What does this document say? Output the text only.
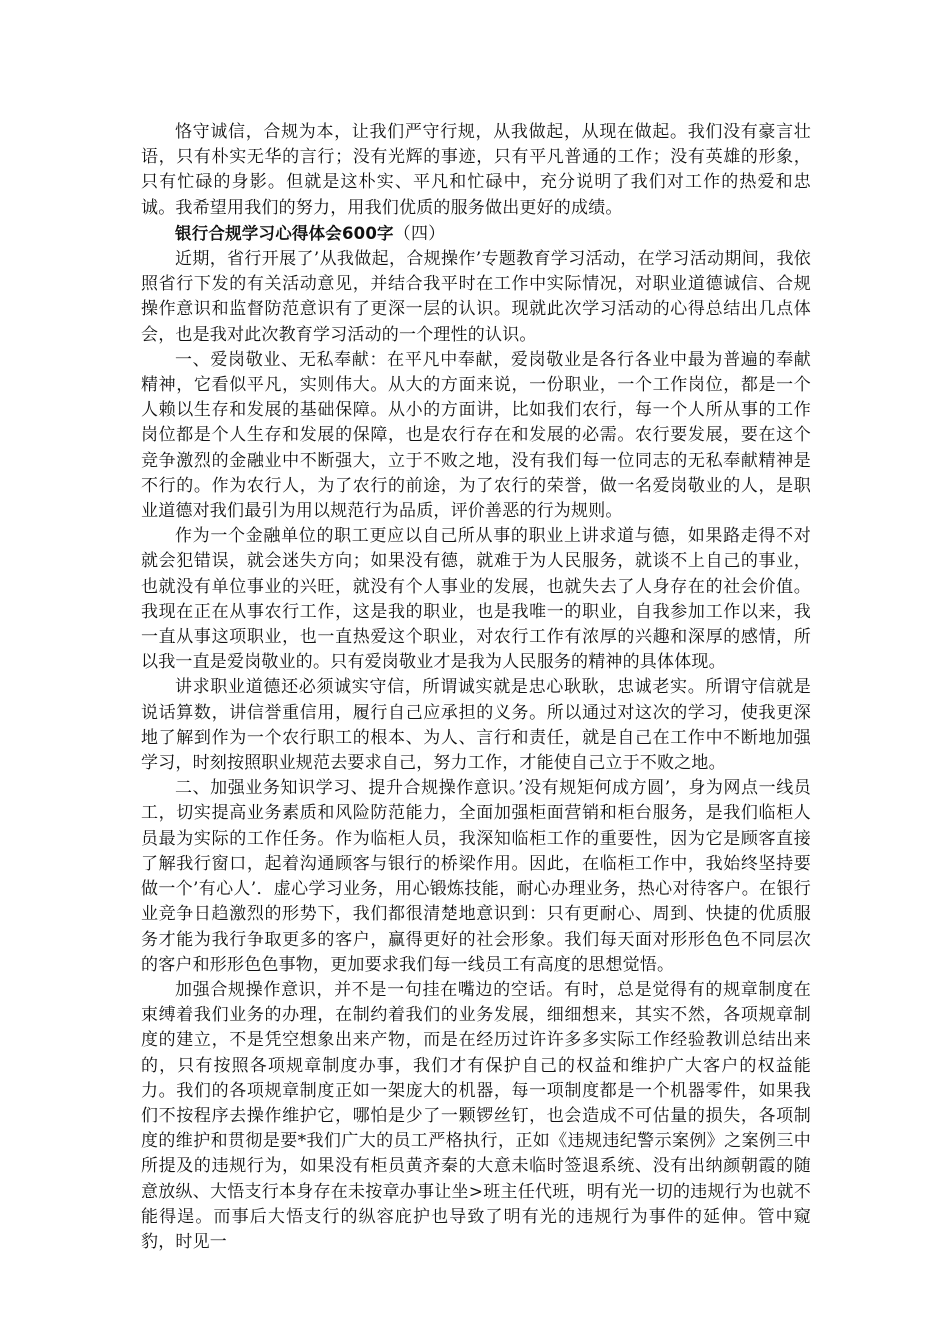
恪守诚信，合规为本，让我们严守行规，从我做起，从现在做起。我们没有豪言壮语，只有朴实无华的言行；没有光辉的事迹，只有平凡普通的工作；没有英雄的形象，只有忙碌的身影。但就是这朴实、平凡和忙碌中，充分说明了我们对工作的热爱和忠诚。我希望用我们的努力，用我们优质的服务做出更好的成绩。

银行合规学习心得体会600字（四）

近期，省行开展了’从我做起，合规操作’专题教育学习活动，在学习活动期间，我依照省行下发的有关活动意见，并结合我平时在工作中实际情况，对职业道德诚信、合规操作意识和监督防范意识有了更深一层的认识。现就此次学习活动的心得总结出几点体会，也是我对此次教育学习活动的一个理性的认识。

一、爱岗敬业、无私奉献：在平凡中奉献，爱岗敬业是各行各业中最为普遍的奉献精神，它看似平凡，实则伟大。从大的方面来说，一份职业，一个工作岗位，都是一个人赖以生存和发展的基础保障。从小的方面讲，比如我们农行，每一个人所从事的工作岗位都是个人生存和发展的保障，也是农行存在和发展的必需。农行要发展，要在这个竞争激烈的金融业中不断强大，立于不败之地，没有我们每一位同志的无私奉献精神是不行的。作为农行人，为了农行的前途，为了农行的荣誉，做一名爱岗敬业的人，是职业道德对我们最引为用以规范行为品质，评价善恶的行为规则。

作为一个金融单位的职工更应以自己所从事的职业上讲求道与德，如果路走得不对就会犯错误，就会迷失方向；如果没有德，就难于为人民服务，就谈不上自己的事业，也就没有单位事业的兴旺，就没有个人事业的发展，也就失去了人身存在的社会价值。我现在正在从事农行工作，这是我的职业，也是我唯一的职业，自我参加工作以来，我一直从事这项职业，也一直热爱这个职业，对农行工作有浓厚的兴趣和深厚的感情，所以我一直是爱岗敬业的。只有爱岗敬业才是我为人民服务的精神的具体体现。

讲求职业道德还必须诚实守信，所谓诚实就是忠心耿耿，忠诚老实。所谓守信就是说话算数，讲信誉重信用，履行自己应承担的义务。所以通过对这次的学习，使我更深地了解到作为一个农行职工的根本、为人、言行和责任，就是自己在工作中不断地加强学习，时刻按照职业规范去要求自己，努力工作，才能使自己立于不败之地。

二、加强业务知识学习、提升合规操作意识。’没有规矩何成方圆’，身为网点一线员工，切实提高业务素质和风险防范能力，全面加强柜面营销和柜台服务，是我们临柜人员最为实际的工作任务。作为临柜人员，我深知临柜工作的重要性，因为它是顾客直接了解我行窗口，起着沟通顾客与银行的桥梁作用。因此，在临柜工作中，我始终坚持要做一个’有心人’．虚心学习业务，用心锻炼技能，耐心办理业务，热心对待客户。在银行业竞争日趋激烈的形势下，我们都很清楚地意识到：只有更耐心、周到、快捷的优质服务才能为我行争取更多的客户，赢得更好的社会形象。我们每天面对形形色色不同层次的客户和形形色色事物，更加要求我们每一线员工有高度的思想觉悟。

加强合规操作意识，并不是一句挂在嘴边的空话。有时，总是觉得有的规章制度在束缚着我们业务的办理，在制约着我们的业务发展，细细想来，其实不然，各项规章制度的建立，不是凭空想象出来产物，而是在经历过许许多多实际工作经验教训总结出来的，只有按照各项规章制度办事，我们才有保护自己的权益和维护广大客户的权益能力。我们的各项规章制度正如一架庞大的机器，每一项制度都是一个机器零件，如果我们不按程序去操作维护它，哪怕是少了一颗锣丝钉，也会造成不可估量的损失，各项制度的维护和贯彻是要*我们广大的员工严格执行，正如《违规违纪警示案例》之案例三中所提及的违规行为，如果没有柜员黄齐秦的大意未临时签退系统、没有出纳颜朝霞的随意放纵、大悟支行本身存在未按章办事让坐>班主任代班，明有光一切的违规行为也就不能得逞。而事后大悟支行的纵容庇护也导致了明有光的违规行为事件的延伸。管中窥豹，时见一
